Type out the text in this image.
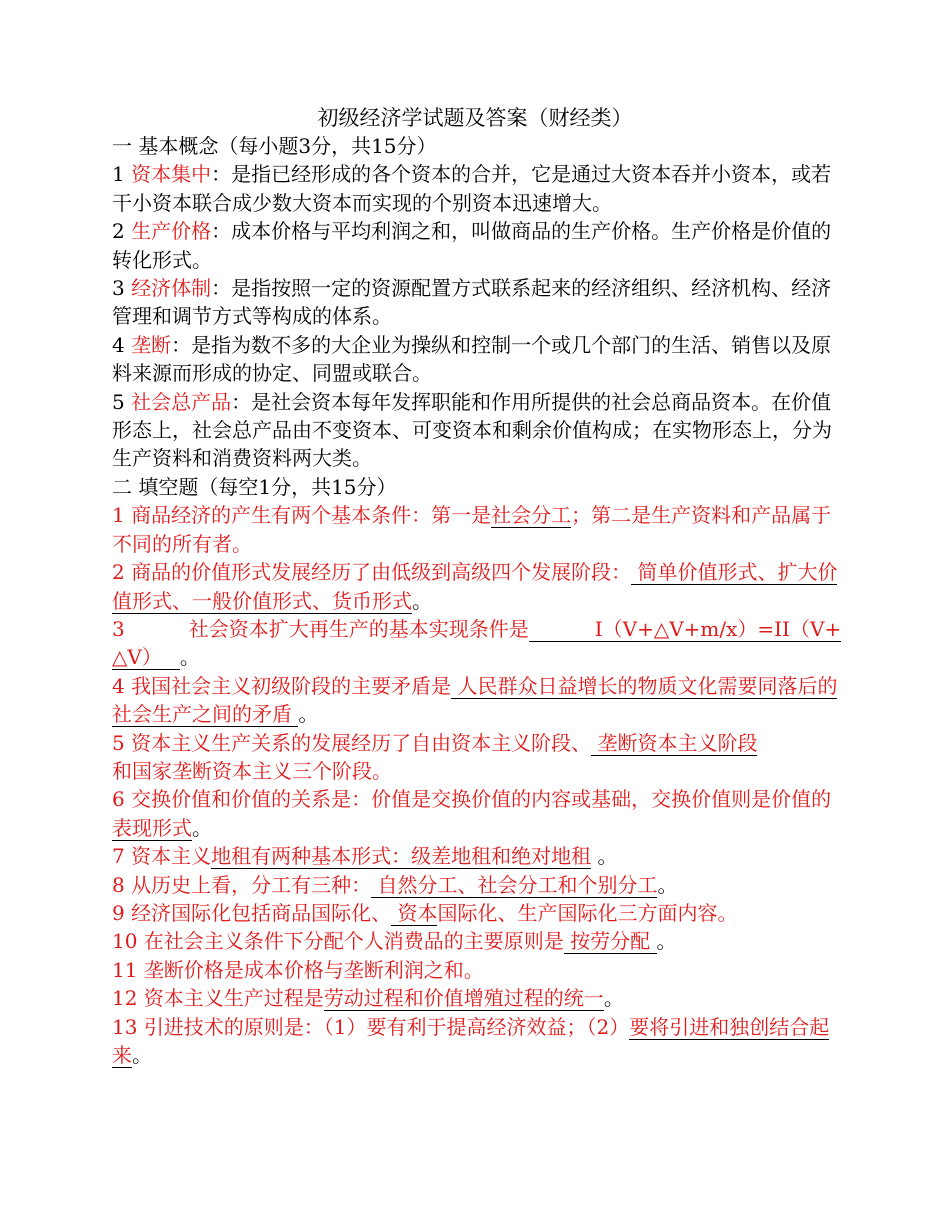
初级经济学试题及答案（财经类）

一 基本概念（每小题3分，共15分）

1 资本集中：是指已经形成的各个资本的合并，它是通过大资本吞并小资本，或若干小资本联合成少数大资本而实现的个别资本迅速增大。

2 生产价格：成本价格与平均利润之和，叫做商品的生产价格。生产价格是价值的转化形式。

3 经济体制：是指按照一定的资源配置方式联系起来的经济组织、经济机构、经济管理和调节方式等构成的体系。

4 垄断：是指为数不多的大企业为操纵和控制一个或几个部门的生活、销售以及原料来源而形成的协定、同盟或联合。

5 社会总产品：是社会资本每年发挥职能和作用所提供的社会总商品资本。在价值形态上，社会总产品由不变资本、可变资本和剩余价值构成；在实物形态上，分为生产资料和消费资料两大类。

二 填空题（每空1分，共15分）

1 商品经济的产生有两个基本条件：第一是社会分工；第二是生产资料和产品属于不同的所有者。

2 商品的价值形式发展经历了由低级到高级四个发展阶段： 简单价值形式、扩大价值形式、一般价值形式、货币形式。

3	社会资本扩大再生产的基本实现条件是	I（V+△V+m/x）=II（V+△V） 。

4 我国社会主义初级阶段的主要矛盾是 人民群众日益增长的物质文化需要同落后的社会生产之间的矛盾 。

5 资本主义生产关系的发展经历了自由资本主义阶段、 垄断资本主义阶段
和国家垄断资本主义三个阶段。

6 交换价值和价值的关系是：价值是交换价值的内容或基础，交换价值则是价值的表现形式。

7 资本主义地租有两种基本形式：级差地租和绝对地租 。

8 从历史上看，分工有三种： 自然分工、社会分工和个别分工。

9 经济国际化包括商品国际化、 资本国际化、生产国际化三方面内容。

10 在社会主义条件下分配个人消费品的主要原则是 按劳分配 。

11 垄断价格是成本价格与垄断利润之和。

12 资本主义生产过程是劳动过程和价值增殖过程的统一。

13 引进技术的原则是：（1）要有利于提高经济效益；（2）要将引进和独创结合起来。
